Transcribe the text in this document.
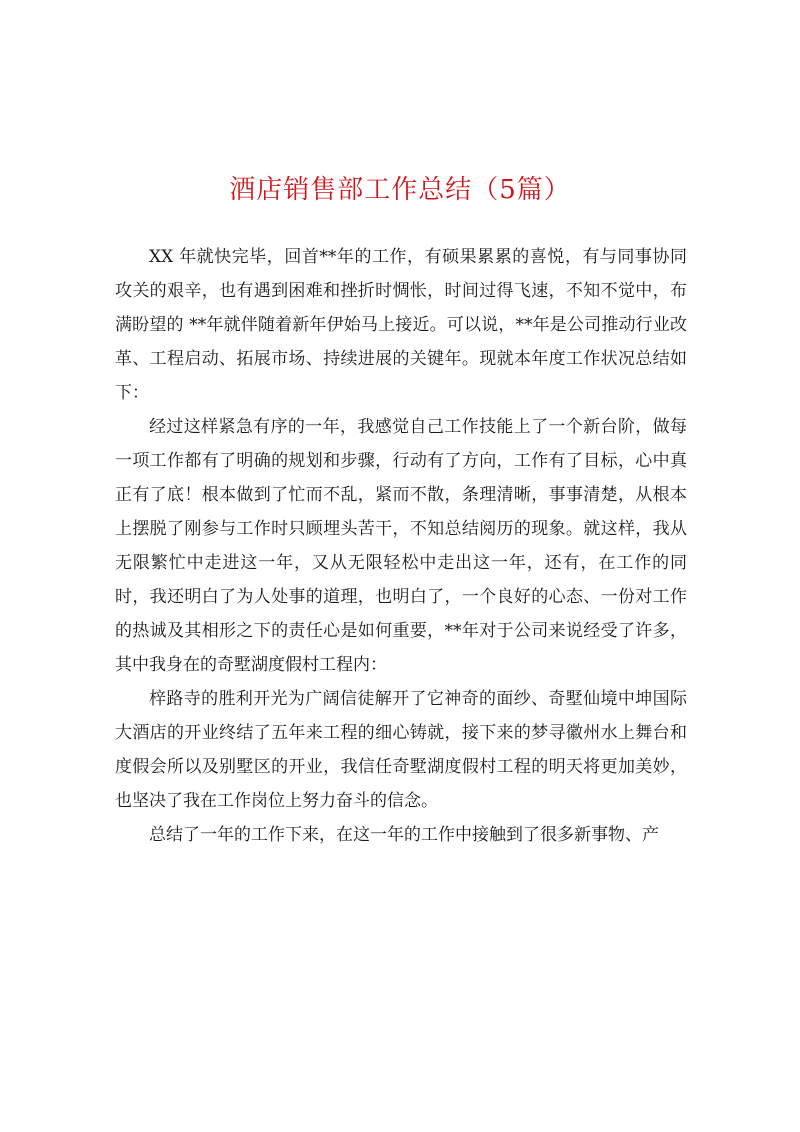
酒店销售部工作总结（5篇）

XX 年就快完毕，回首**年的工作，有硕果累累的喜悦，有与同事协同攻关的艰辛，也有遇到困难和挫折时惆怅，时间过得飞速，不知不觉中，布满盼望的 **年就伴随着新年伊始马上接近。可以说，**年是公司推动行业改革、工程启动、拓展市场、持续进展的关键年。现就本年度工作状况总结如下：

经过这样紧急有序的一年，我感觉自己工作技能上了一个新台阶，做每一项工作都有了明确的规划和步骤，行动有了方向，工作有了目标，心中真正有了底！根本做到了忙而不乱，紧而不散，条理清晰，事事清楚，从根本上摆脱了刚参与工作时只顾埋头苦干，不知总结阅历的现象。就这样，我从无限繁忙中走进这一年，又从无限轻松中走出这一年，还有，在工作的同时，我还明白了为人处事的道理，也明白了，一个良好的心态、一份对工作的热诚及其相形之下的责任心是如何重要，**年对于公司来说经受了许多，其中我身在的奇墅湖度假村工程内：

梓路寺的胜利开光为广阔信徒解开了它神奇的面纱、奇墅仙境中坤国际大酒店的开业终结了五年来工程的细心铸就，接下来的梦寻徽州水上舞台和度假会所以及别墅区的开业，我信任奇墅湖度假村工程的明天将更加美妙，也坚决了我在工作岗位上努力奋斗的信念。

总结了一年的工作下来，在这一年的工作中接触到了很多新事物、产
